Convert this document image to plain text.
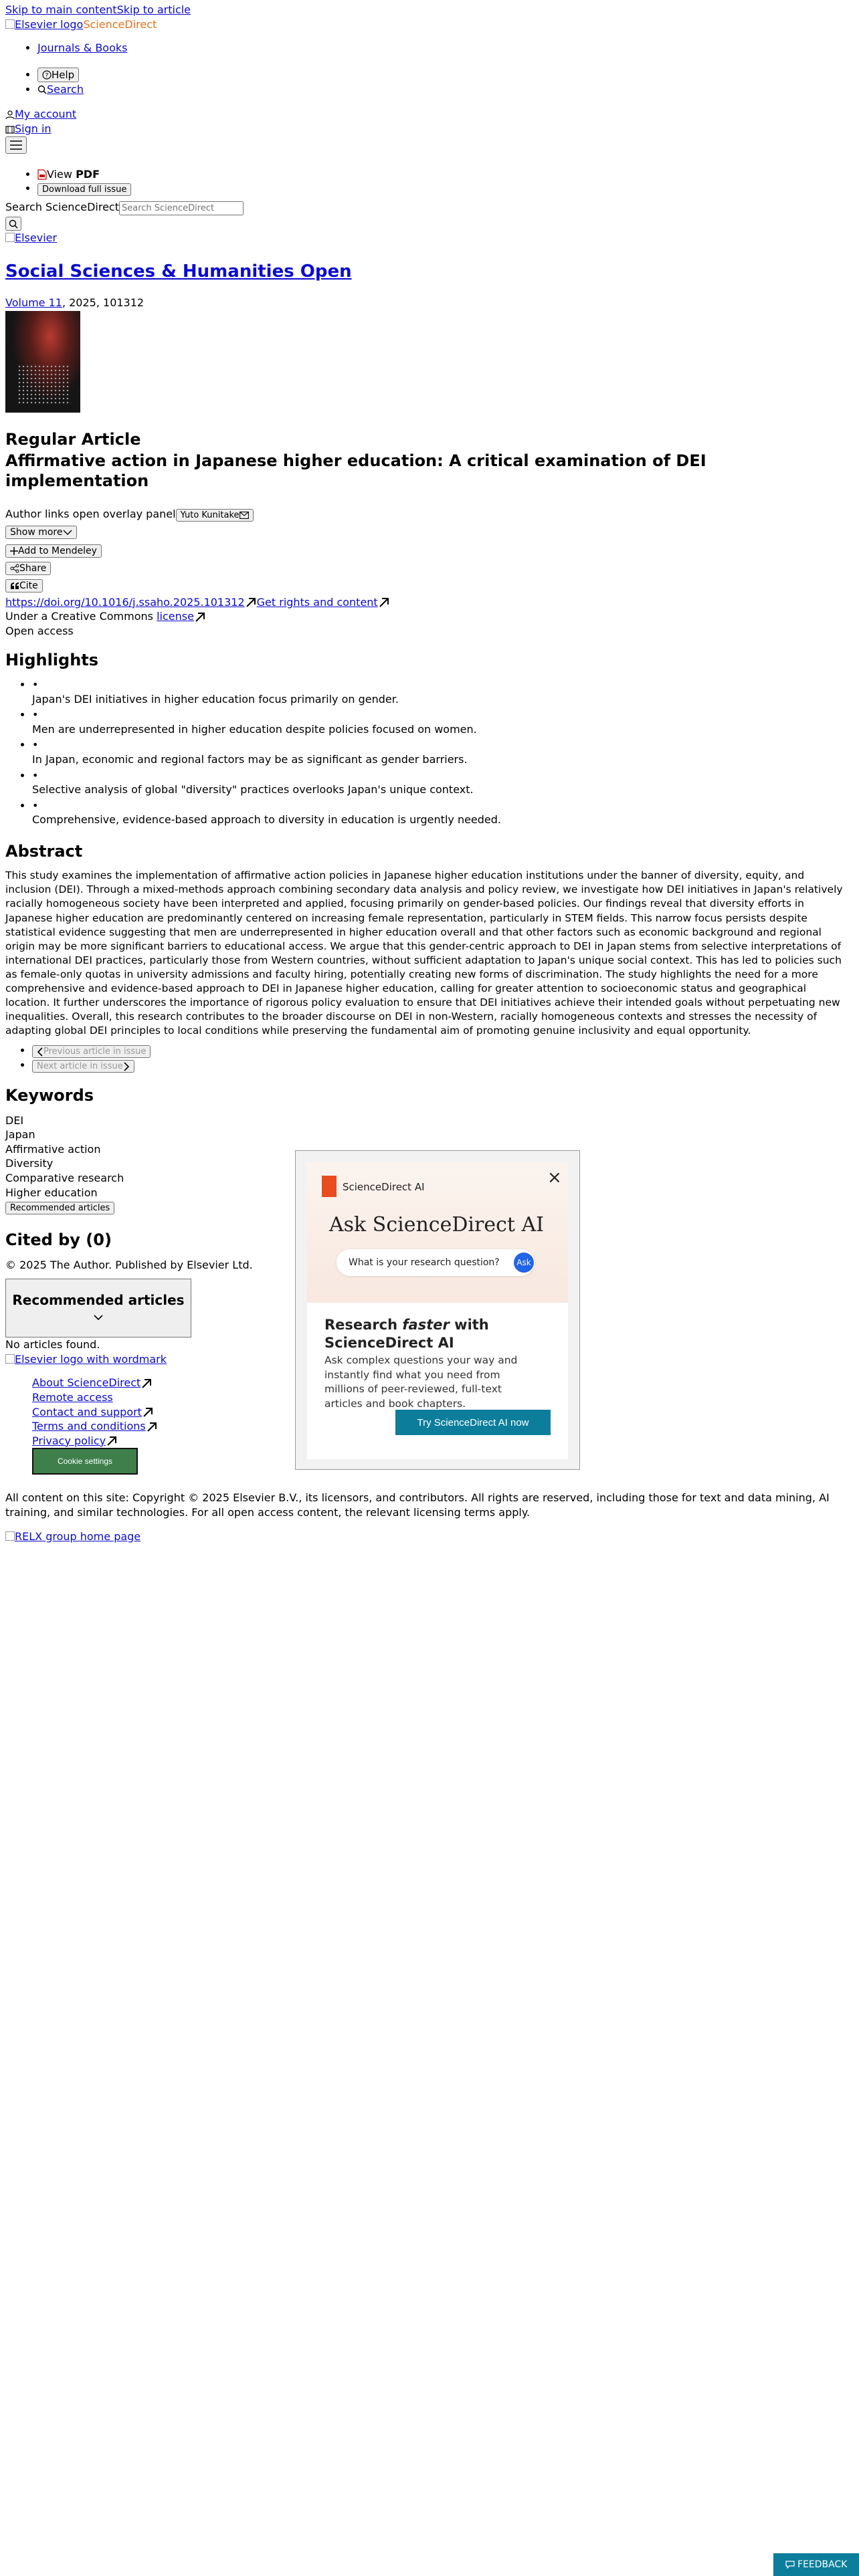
Skip to main contentSkip to article
Elsevier logoScienceDirect
• Journals & Books
• ? Help
• Search
My account
Sign in
• View PDF
• Download full issue
Search ScienceDirectSearch ScienceDirect
Elsevier
Social Sciences & Humanities Open
Volume 11, 2025, 101312
Regular Article
Affirmative action in Japanese higher education: A critical examination of DEI implementation
Author links open overlay panel Yuto Kunitake
Show more
Add to Mendeley
Share
Cite
https://doi.org/10.1016/j.ssaho.2025.101312 Get rights and content
Under a Creative Commons license
Open access
Highlights
• •
Japan's DEI initiatives in higher education focus primarily on gender.
• •
Men are underrepresented in higher education despite policies focused on women.
• •
In Japan, economic and regional factors may be as significant as gender barriers.
• •
Selective analysis of global "diversity" practices overlooks Japan's unique context.
• •
Comprehensive, evidence-based approach to diversity in education is urgently needed.
Abstract

This study examines the implementation of affirmative action policies in Japanese higher education institutions under the banner of diversity, equity, and inclusion (DEI). Through a mixed-methods approach combining secondary data analysis and policy review, we investigate how DEI initiatives in Japan's relatively racially homogeneous society have been interpreted and applied, focusing primarily on gender-based policies. Our findings reveal that diversity efforts in Japanese higher education are predominantly centered on increasing female representation, particularly in STEM fields. This narrow focus persists despite statistical evidence suggesting that men are underrepresented in higher education overall and that other factors such as economic background and regional origin may be more significant barriers to educational access. We argue that this gender-centric approach to DEI in Japan stems from selective interpretations of international DEI practices, particularly those from Western countries, without sufficient adaptation to Japan's unique social context. This has led to policies such as female-only quotas in university admissions and faculty hiring, potentially creating new forms of discrimination. The study highlights the need for a more comprehensive and evidence-based approach to DEI in Japanese higher education, calling for greater attention to socioeconomic status and geographical location. It further underscores the importance of rigorous policy evaluation to ensure that DEI initiatives achieve their intended goals without perpetuating new inequalities. Overall, this research contributes to the broader discourse on DEI in non-Western, racially homogeneous contexts and stresses the necessity of adapting global DEI principles to local conditions while preserving the fundamental aim of promoting genuine inclusivity and equal opportunity.

• Previous article in issue
• Next article in issue
Keywords
DEI
Japan
Affirmative action
Diversity
Comparative research
Higher education
Recommended articles
Cited by (0)
© 2025 The Author. Published by Elsevier Ltd.
Recommended articles
No articles found.
Elsevier logo with wordmark
About ScienceDirect
Remote access
Contact and support
Terms and conditions
Privacy policy
Cookie settings

All content on this site: Copyright © 2025 Elsevier B.V., its licensors, and contributors. All rights are reserved, including those for text and data mining, AI training, and similar technologies. For all open access content, the relevant licensing terms apply.

RELX group home page
ScienceDirect AI	×
Ask ScienceDirect AI
What is your research question?	Ask
Research faster with ScienceDirect AI
Ask complex questions your way and instantly find what you need from millions of peer-reviewed, full-text articles and book chapters.
Try ScienceDirect AI now
FEEDBACK
